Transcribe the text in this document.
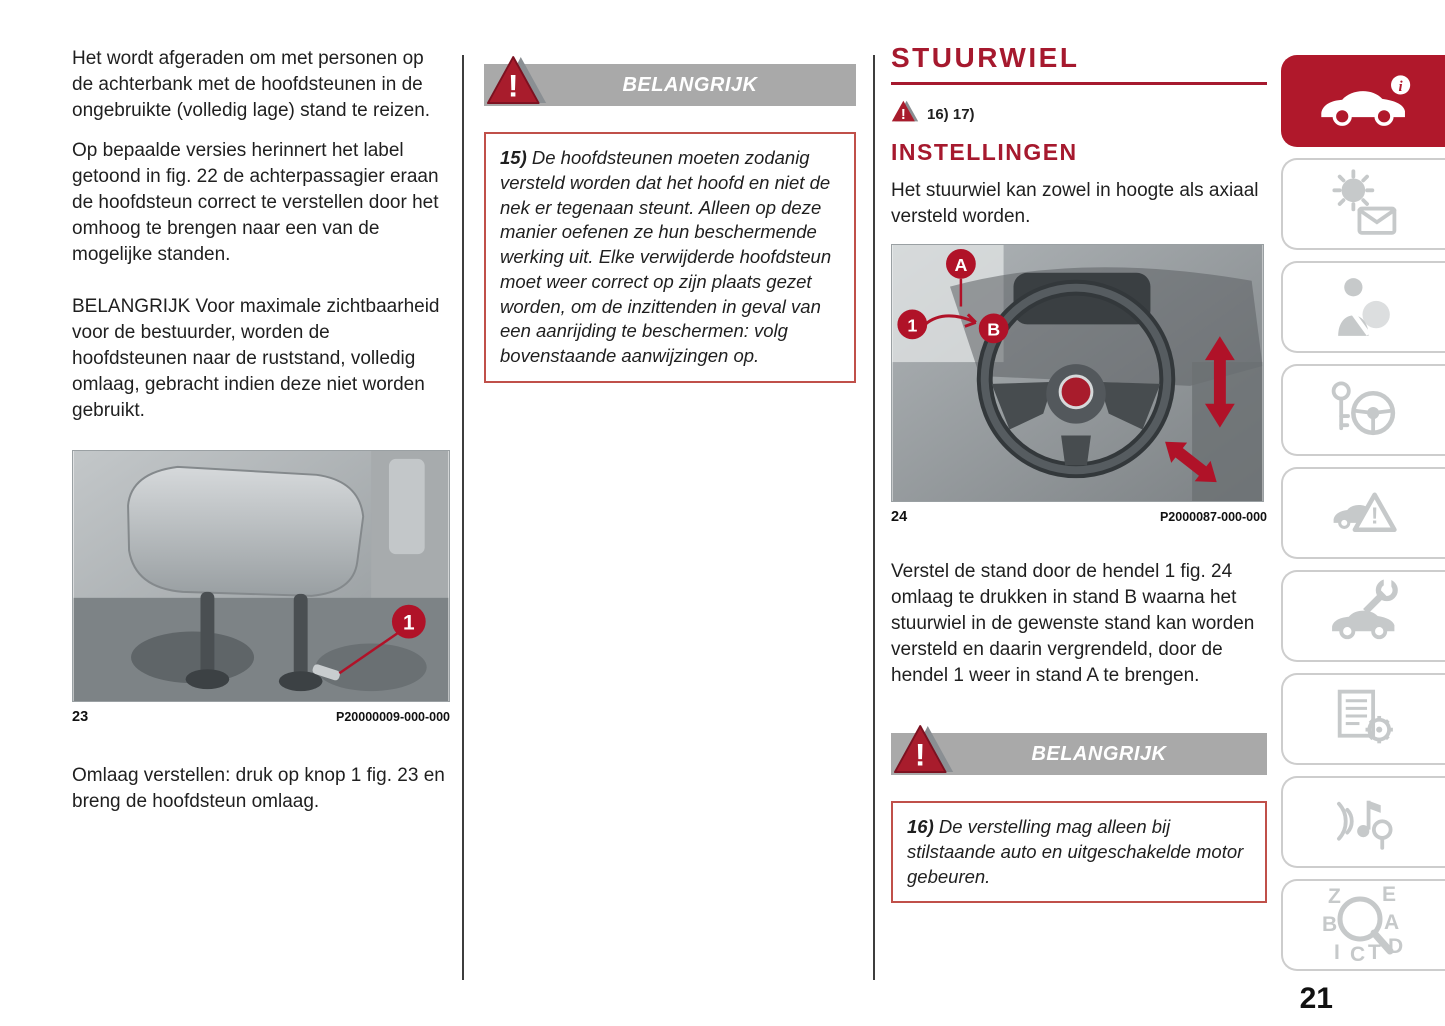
Het wordt afgeraden om met personen op de achterbank met de hoofdsteunen in de ongebruikte (volledig lage) stand te reizen.

Op bepaalde versies herinnert het label getoond in fig. 22 de achterpassagier eraan de hoofdsteun correct te verstellen door het omhoog te brengen naar een van de mogelijke standen.

BELANGRIJK Voor maximale zichtbaarheid voor de bestuurder, worden de hoofdsteunen naar de ruststand, volledig omlaag, gebracht indien deze niet worden gebruikt.

1
23	P20000009-000-000

Omlaag verstellen: druk op knop 1 fig. 23 en breng de hoofdsteun omlaag.

!	BELANGRIJK
15) De hoofdsteunen moeten zodanig versteld worden dat het hoofd en niet de nek er tegenaan steunt. Alleen op deze manier oefenen ze hun beschermende werking uit. Elke verwijderde hoofdsteun moet weer correct op zijn plaats gezet worden, om de inzittenden in geval van een aanrijding te beschermen: volg bovenstaande aanwijzingen op.
STUURWIEL
! 16) 17)
INSTELLINGEN

Het stuurwiel kan zowel in hoogte als axiaal versteld worden.

A
B
1
24	P2000087-000-000

Verstel de stand door de hendel 1 fig. 24 omlaag te drukken in stand B waarna het stuurwiel in de gewenste stand kan worden versteld en daarin vergrendeld, door de hendel 1 weer in stand A te brengen.

!	BELANGRIJK
16) De verstelling mag alleen bij stilstaande auto en uitgeschakelde motor gebeuren.
i
!
Z E
B A
I C T D
21
